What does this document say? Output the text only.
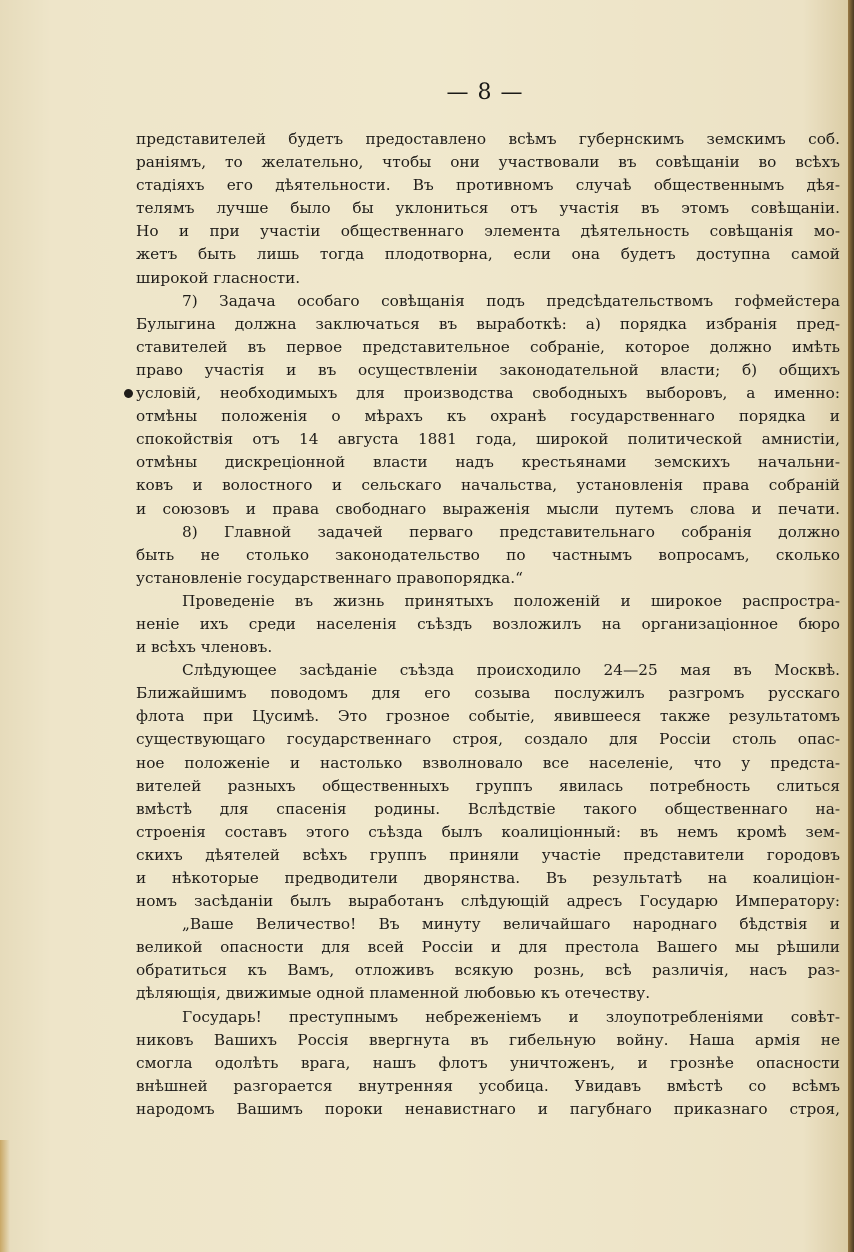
— 8 —
представителей будетъ предоставлено всѣмъ губернскимъ земскимъ соб.
раніямъ, то желательно, чтобы они участвовали въ совѣщаніи во всѣхъ
стадіяхъ его дѣятельности. Въ противномъ случаѣ общественнымъ дѣя-
телямъ лучше было бы уклониться отъ участія въ этомъ совѣщаніи.
Но и при участіи общественнаго элемента дѣятельность совѣщанія мо-
жетъ быть лишь тогда плодотворна, если она будетъ доступна самой
широкой гласности.
7) Задача особаго совѣщанія подъ предсѣдательствомъ гофмейстера
Булыгина должна заключаться въ выработкѣ: а) порядка избранія пред-
ставителей въ первое представительное собраніе, которое должно имѣть
право участія и въ осуществленіи законодательной власти; б) общихъ
условій, необходимыхъ для производства свободныхъ выборовъ, а именно:
отмѣны положенія о мѣрахъ къ охранѣ государственнаго порядка и
спокойствія отъ 14 августа 1881 года, широкой политической амнистіи,
отмѣны дискреціонной власти надъ крестьянами земскихъ начальни-
ковъ и волостного и сельскаго начальства, установленія права собраній
и союзовъ и права свободнаго выраженія мысли путемъ слова и печати.
8) Главной задачей перваго представительнаго собранія должно
быть не столько законодательство по частнымъ вопросамъ, сколько
установленіе государственнаго правопорядка.“
Проведеніе въ жизнь принятыхъ положеній и широкое распростра-
неніе ихъ среди населенія съѣздъ возложилъ на организаціонное бюро
и всѣхъ членовъ.
Слѣдующее засѣданіе съѣзда происходило 24—25 мая въ Москвѣ.
Ближайшимъ поводомъ для его созыва послужилъ разгромъ русскаго
флота при Цусимѣ. Это грозное событіе, явившееся также результатомъ
существующаго государственнаго строя, создало для Россіи столь опас-
ное положеніе и настолько взволновало все населеніе, что у предста-
вителей разныхъ общественныхъ группъ явилась потребность слиться
вмѣстѣ для спасенія родины. Вслѣдствіе такого общественнаго на-
строенія составъ этого съѣзда былъ коалиціонный: въ немъ кромѣ зем-
скихъ дѣятелей всѣхъ группъ приняли участіе представители городовъ
и нѣкоторые предводители дворянства. Въ результатѣ на коалиціон-
номъ засѣданіи былъ выработанъ слѣдующій адресъ Государю Императору:
„Ваше Величество! Въ минуту величайшаго народнаго бѣдствія и
великой опасности для всей Россіи и для престола Вашего мы рѣшили
обратиться къ Вамъ, отложивъ всякую рознь, всѣ различія, насъ раз-
дѣляющія, движимые одной пламенной любовью къ отечеству.
Государь! преступнымъ небреженіемъ и злоупотребленіями совѣт-
никовъ Вашихъ Россія ввергнута въ гибельную войну. Наша армія не
смогла одолѣть врага, нашъ флотъ уничтоженъ, и грознѣе опасности
внѣшней разгорается внутренняя усобица. Увидавъ вмѣстѣ со всѣмъ
народомъ Вашимъ пороки ненавистнаго и пагубнаго приказнаго строя,
